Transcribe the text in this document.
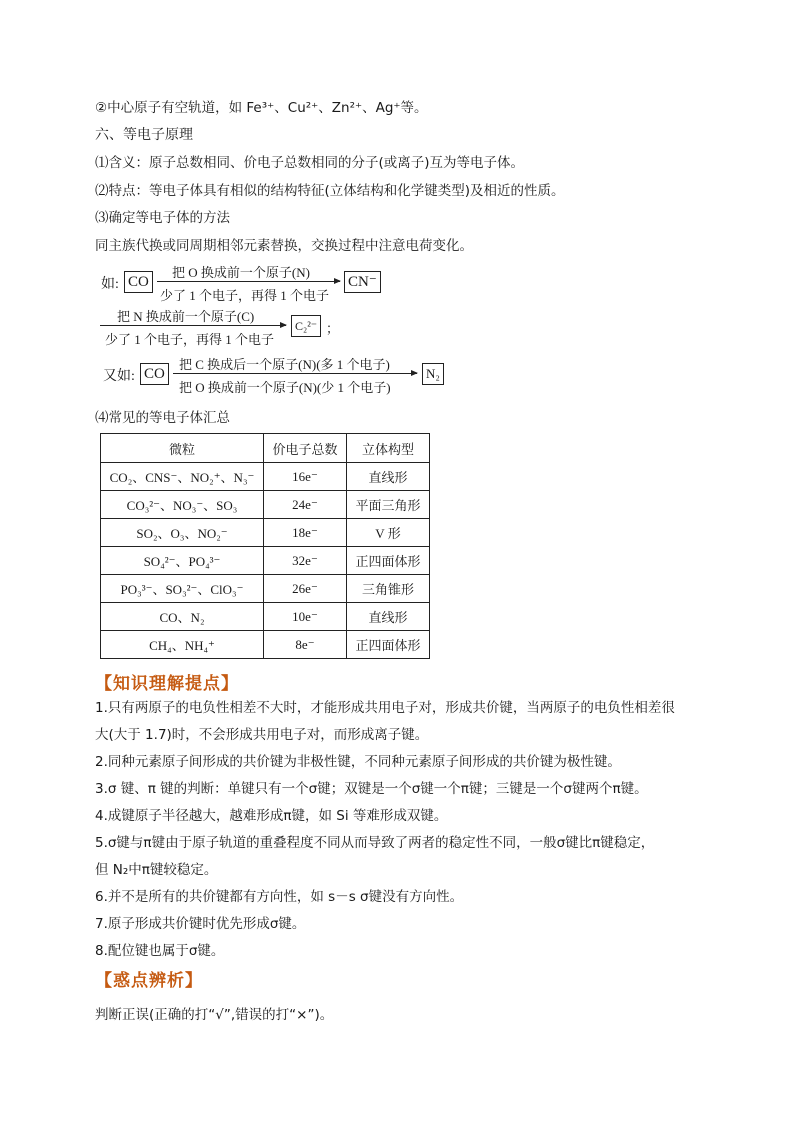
②中心原子有空轨道，如 Fe³⁺、Cu²⁺、Zn²⁺、Ag⁺等。
六、等电子原理
⑴含义：原子总数相同、价电子总数相同的分子(或离子)互为等电子体。
⑵特点：等电子体具有相似的结构特征(立体结构和化学键类型)及相近的性质。
⑶确定等电子体的方法
同主族代换或同周期相邻元素替换，交换过程中注意电荷变化。
如: CO
把 O 换成前一个原子(N)
少了 1 个电子，再得 1 个电子
CN⁻
把 N 换成前一个原子(C)
少了 1 个电子，再得 1 个电子
C₂²⁻ ；
又如: CO
把 C 换成后一个原子(N)(多 1 个电子)
把 O 换成前一个原子(N)(少 1 个电子)
N₂
⑷常见的等电子体汇总
微粒	价电子总数	立体构型
CO₂、CNS⁻、NO₂⁺、N₃⁻	16e⁻	直线形
CO₃²⁻、NO₃⁻、SO₃	24e⁻	平面三角形
SO₂、O₃、NO₂⁻	18e⁻	V 形
SO₄²⁻、PO₄³⁻	32e⁻	正四面体形
PO₃³⁻、SO₃²⁻、ClO₃⁻	26e⁻	三角锥形
CO、N₂	10e⁻	直线形
CH₄、NH₄⁺	8e⁻	正四面体形
【知识理解提点】
1.只有两原子的电负性相差不大时，才能形成共用电子对，形成共价键，当两原子的电负性相差很
大(大于 1.7)时，不会形成共用电子对，而形成离子键。
2.同种元素原子间形成的共价键为非极性键，不同种元素原子间形成的共价键为极性键。
3.σ 键、π 键的判断：单键只有一个σ键；双键是一个σ键一个π键；三键是一个σ键两个π键。
4.成键原子半径越大，越难形成π键，如 Si 等难形成双键。
5.σ键与π键由于原子轨道的重叠程度不同从而导致了两者的稳定性不同，一般σ键比π键稳定，
但 N₂中π键较稳定。
6.并不是所有的共价键都有方向性，如 s－s σ键没有方向性。
7.原子形成共价键时优先形成σ键。
8.配位键也属于σ键。
【惑点辨析】
判断正误(正确的打“√”,错误的打“×”)。
